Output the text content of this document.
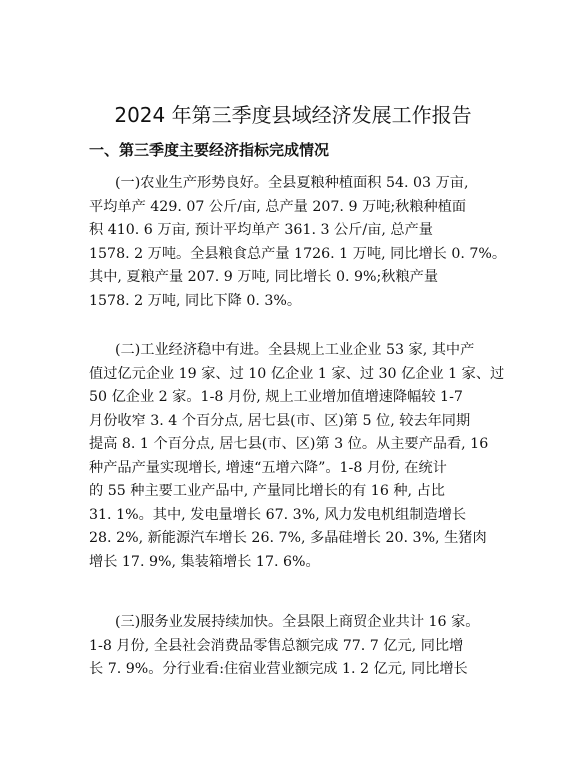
2024 年第三季度县域经济发展工作报告
一、第三季度主要经济指标完成情况
(一)农业生产形势良好。全县夏粮种植面积 54. 03 万亩,
平均单产 429. 07 公斤/亩, 总产量 207. 9 万吨;秋粮种植面
积 410. 6 万亩, 预计平均单产 361. 3 公斤/亩, 总产量
1578. 2 万吨。全县粮食总产量 1726. 1 万吨, 同比增长 0. 7%。
其中, 夏粮产量 207. 9 万吨, 同比增长 0. 9%;秋粮产量
1578. 2 万吨, 同比下降 0. 3%。
(二)工业经济稳中有进。全县规上工业企业 53 家, 其中产
值过亿元企业 19 家、过 10 亿企业 1 家、过 30 亿企业 1 家、过
50 亿企业 2 家。1-8 月份, 规上工业增加值增速降幅较 1-7
月份收窄 3. 4 个百分点, 居七县(市、区)第 5 位, 较去年同期
提高 8. 1 个百分点, 居七县(市、区)第 3 位。从主要产品看, 16
种产品产量实现增长, 增速“五增六降”。1-8 月份, 在统计
的 55 种主要工业产品中, 产量同比增长的有 16 种, 占比
31. 1%。其中, 发电量增长 67. 3%, 风力发电机组制造增长
28. 2%, 新能源汽车增长 26. 7%, 多晶硅增长 20. 3%, 生猪肉
增长 17. 9%, 集装箱增长 17. 6%。
(三)服务业发展持续加快。全县限上商贸企业共计 16 家。
1-8 月份, 全县社会消费品零售总额完成 77. 7 亿元, 同比增
长 7. 9%。分行业看:住宿业营业额完成 1. 2 亿元, 同比增长
